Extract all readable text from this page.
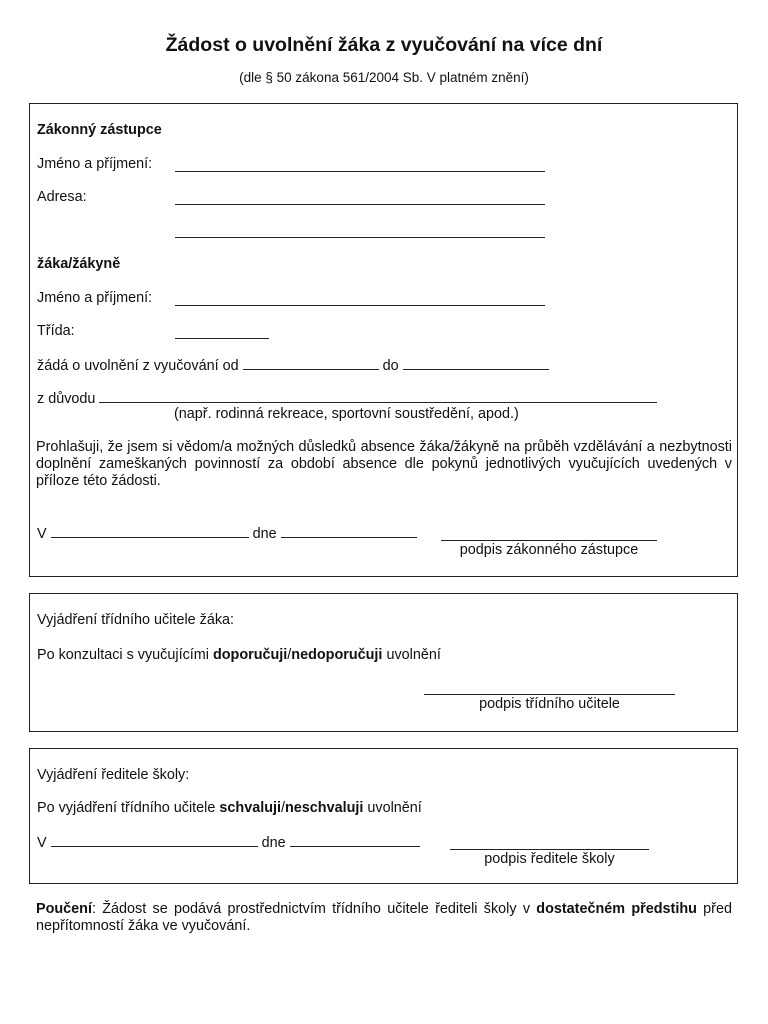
Žádost o uvolnění žáka z vyučování na více dní
(dle § 50 zákona 561/2004 Sb. V platném znění)
Zákonný zástupce
Jméno a příjmení:
Adresa:
žáka/žákyně
Jméno a příjmení:
Třída:
žádá o uvolnění z vyučování od	do
z důvodu
(např. rodinná rekreace, sportovní soustředění, apod.)
Prohlašuji, že jsem si vědom/a možných důsledků absence žáka/žákyně na průběh vzdělávání a nezbytnosti doplnění zameškaných povinností za období absence dle pokynů jednotlivých vyučujících uvedených v příloze této žádosti.
V	dne
podpis zákonného zástupce
Vyjádření třídního učitele žáka:
Po konzultaci s vyučujícími doporučuji/nedoporučuji uvolnění
podpis třídního učitele
Vyjádření ředitele školy:
Po vyjádření třídního učitele schvaluji/neschvaluji uvolnění
V	dne
podpis ředitele školy
Poučení: Žádost se podává prostřednictvím třídního učitele řediteli školy v dostatečném předstihu před nepřítomností žáka ve vyučování.
